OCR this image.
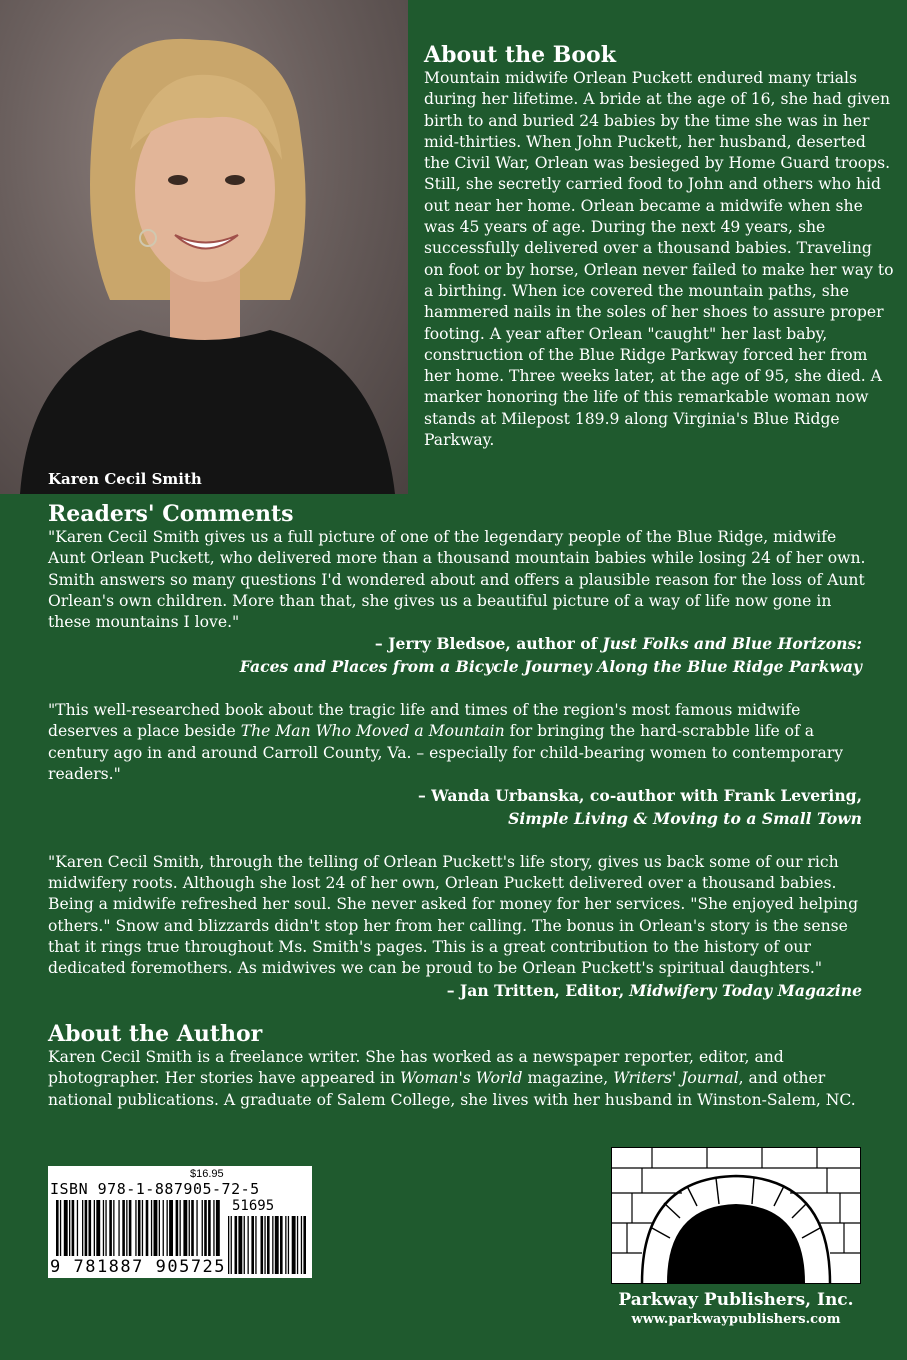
Karen Cecil Smith
About the Book

Mountain midwife Orlean Puckett endured many trials during her lifetime. A bride at the age of 16, she had given birth to and buried 24 babies by the time she was in her mid-thirties. When John Puckett, her husband, deserted the Civil War, Orlean was besieged by Home Guard troops. Still, she secretly carried food to John and others who hid out near her home. Orlean became a midwife when she was 45 years of age. During the next 49 years, she successfully delivered over a thousand babies. Traveling on foot or by horse, Orlean never failed to make her way to a birthing. When ice covered the mountain paths, she hammered nails in the soles of her shoes to assure proper footing. A year after Orlean "caught" her last baby, construction of the Blue Ridge Parkway forced her from her home. Three weeks later, at the age of 95, she died. A marker honoring the life of this remarkable woman now stands at Milepost 189.9 along Virginia's Blue Ridge Parkway.

Readers' Comments

"Karen Cecil Smith gives us a full picture of one of the legendary people of the Blue Ridge, midwife Aunt Orlean Puckett, who delivered more than a thousand mountain babies while losing 24 of her own. Smith answers so many questions I'd wondered about and offers a plausible reason for the loss of Aunt Orlean's own children. More than that, she gives us a beautiful picture of a way of life now gone in these mountains I love."

– Jerry Bledsoe, author of Just Folks and Blue Horizons:

Faces and Places from a Bicycle Journey Along the Blue Ridge Parkway

"This well-researched book about the tragic life and times of the region's most famous midwife deserves a place beside The Man Who Moved a Mountain for bringing the hard-scrabble life of a century ago in and around Carroll County, Va. – especially for child-bearing women to contemporary readers."

– Wanda Urbanska, co-author with Frank Levering,

Simple Living & Moving to a Small Town

"Karen Cecil Smith, through the telling of Orlean Puckett's life story, gives us back some of our rich midwifery roots. Although she lost 24 of her own, Orlean Puckett delivered over a thousand babies. Being a midwife refreshed her soul. She never asked for money for her services. "She enjoyed helping others." Snow and blizzards didn't stop her from her calling. The bonus in Orlean's story is the sense that it rings true throughout Ms. Smith's pages. This is a great contribution to the history of our dedicated foremothers. As midwives we can be proud to be Orlean Puckett's spiritual daughters."

– Jan Tritten, Editor, Midwifery Today Magazine

About the Author

Karen Cecil Smith is a freelance writer. She has worked as a newspaper reporter, editor, and photographer. Her stories have appeared in Woman's World magazine, Writers' Journal, and other national publications. A graduate of Salem College, she lives with her husband in Winston-Salem, NC.

$16.95
ISBN 978-1-887905-72-5
51695
9 781887 905725
Parkway Publishers, Inc.
www.parkwaypublishers.com
